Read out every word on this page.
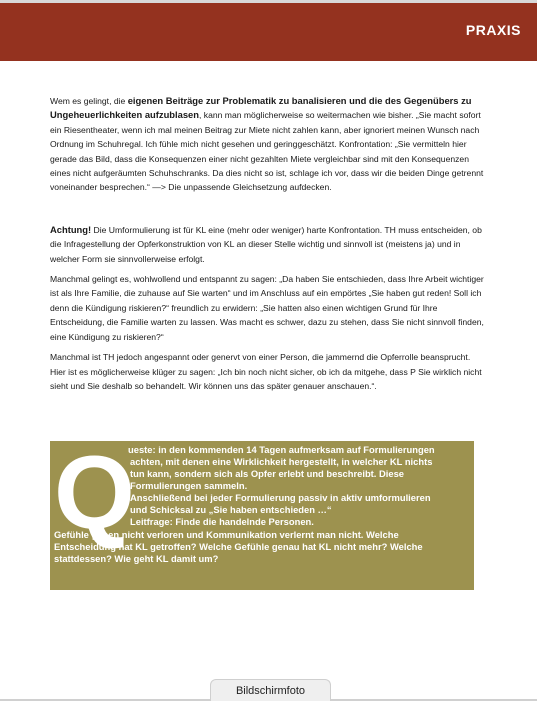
PRAXIS

Wem es gelingt, die eigenen Beiträge zur Problematik zu banalisieren und die des Gegenübers zu Ungeheuerlichkeiten aufzublasen, kann man möglicherweise so weitermachen wie bisher. „Sie macht sofort ein Riesentheater, wenn ich mal meinen Beitrag zur Miete nicht zahlen kann, aber ignoriert meinen Wunsch nach Ordnung im Schuhregal. Ich fühle mich nicht gesehen und geringgeschätzt. Konfrontation: „Sie vermitteln hier gerade das Bild, dass die Konsequenzen einer nicht gezahlten Miete vergleichbar sind mit den Konsequenzen eines nicht aufgeräumten Schuhschranks. Da dies nicht so ist, schlage ich vor, dass wir die beiden Dinge getrennt voneinander besprechen.“ —> Die unpassende Gleichsetzung aufdecken.

Achtung! Die Umformulierung ist für KL eine (mehr oder weniger) harte Konfrontation. TH muss entscheiden, ob die Infragestellung der Opferkonstruktion von KL an dieser Stelle wichtig und sinnvoll ist (meistens ja) und in welcher Form sie sinnvollerweise erfolgt.

Manchmal gelingt es, wohlwollend und entspannt zu sagen: „Da haben Sie entschieden, dass Ihre Arbeit wichtiger ist als Ihre Familie, die zuhause auf Sie warten“ und im Anschluss auf ein empörtes „Sie haben gut reden! Soll ich denn die Kündigung riskieren?“ freundlich zu erwidern: „Sie hatten also einen wichtigen Grund für Ihre Entscheidung, die Familie warten zu lassen. Was macht es schwer, dazu zu stehen, dass Sie nicht sinnvoll finden, eine Kündigung zu riskieren?“

Manchmal ist TH jedoch angespannt oder genervt von einer Person, die jammernd die Opferrolle beansprucht. Hier ist es möglicherweise klüger zu sagen: „Ich bin noch nicht sicher, ob ich da mitgehe, dass P Sie wirklich nicht sieht und Sie deshalb so behandelt. Wir können uns das später genauer anschauen.“.

Q
ueste: in den kommenden 14 Tagen aufmerksam auf Formulierungen
achten, mit denen eine Wirklichkeit hergestellt, in welcher KL nichts
tun kann, sondern sich als Opfer erlebt und beschreibt. Diese
Formulierungen sammeln.
Anschließend bei jeder Formulierung passiv in aktiv umformulieren
und Schicksal zu „Sie haben entschieden …“
Leitfrage: Finde die handelnde Personen.
Gefühle gehen nicht verloren und Kommunikation verlernt man nicht. Welche
Entscheidung hat KL getroffen? Welche Gefühle genau hat KL nicht mehr? Welche
stattdessen? Wie geht KL damit um?
Bildschirmfoto
